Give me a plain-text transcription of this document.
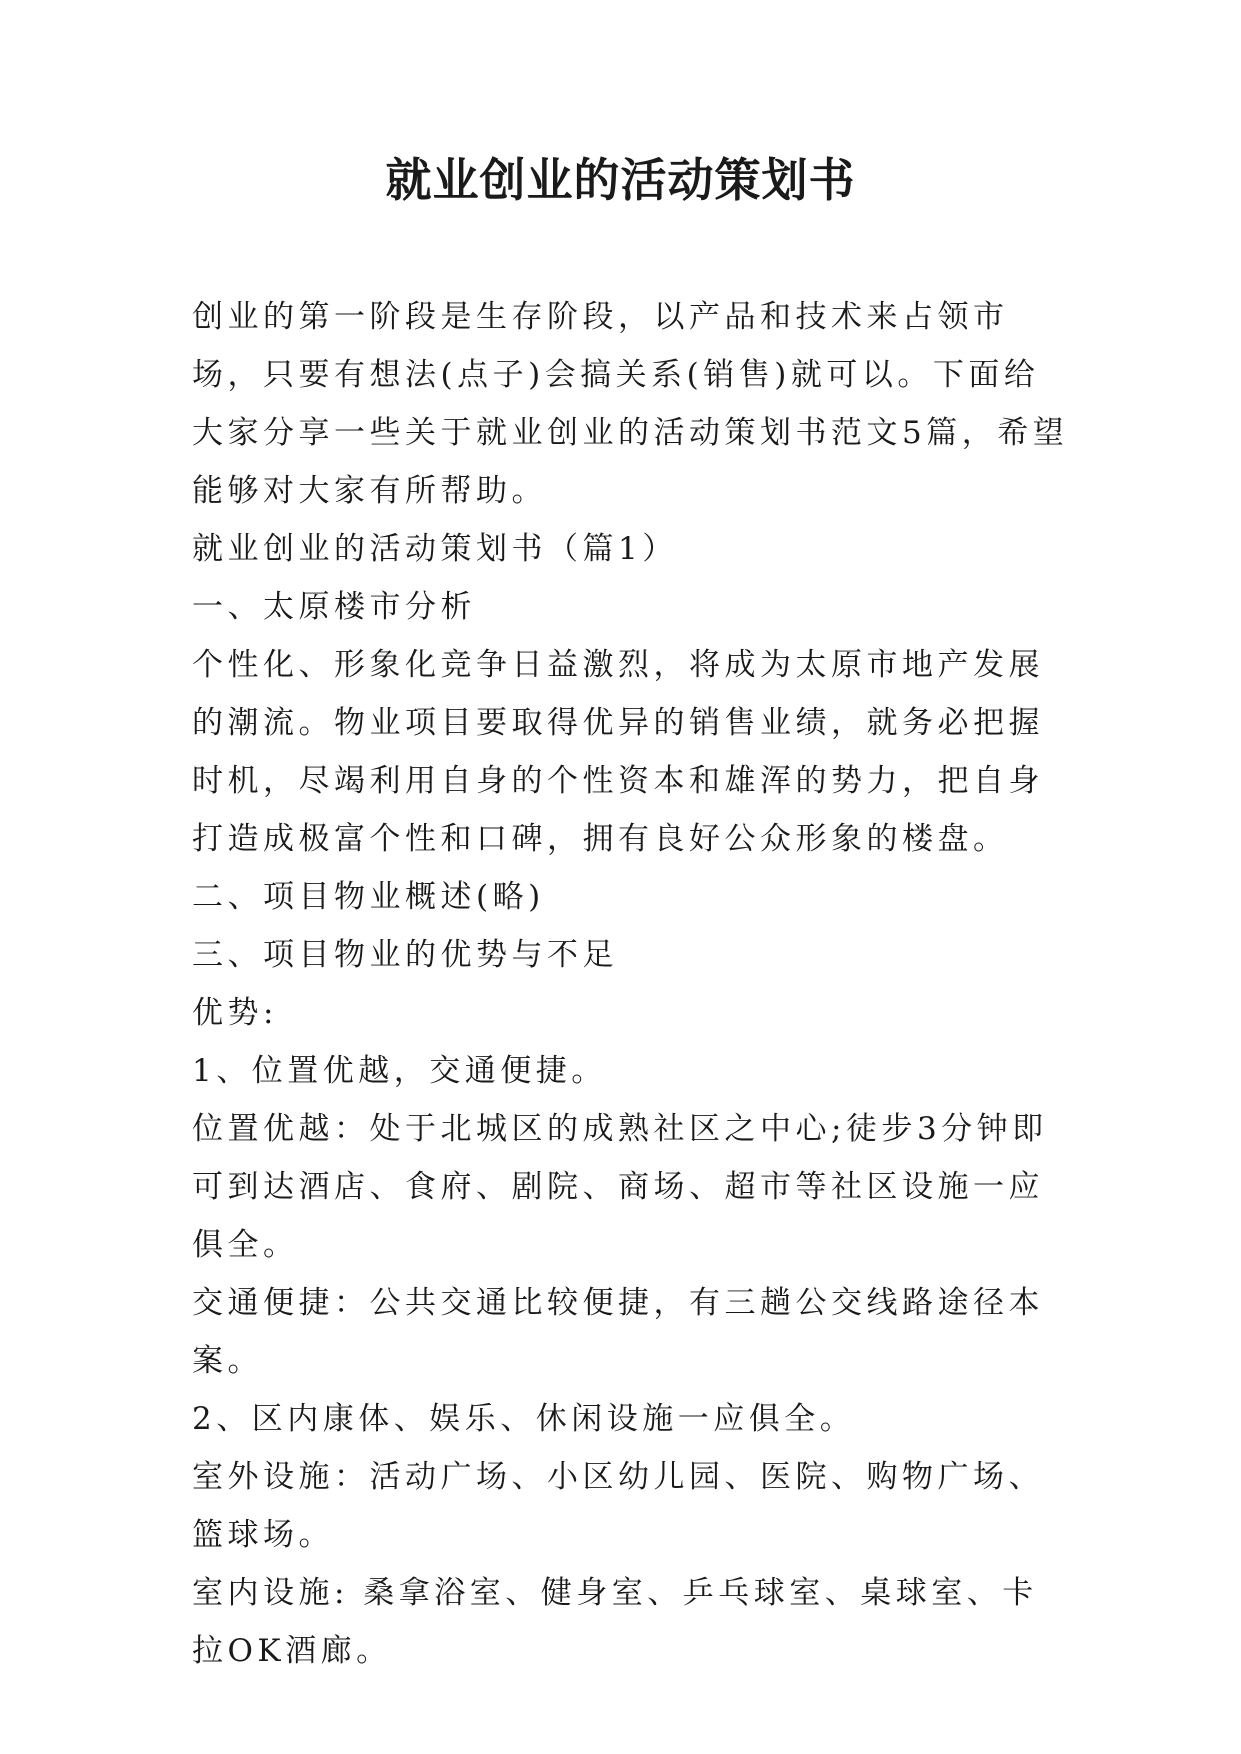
就业创业的活动策划书

创业的第一阶段是生存阶段，以产品和技术来占领市场，只要有想法(点子)会搞关系(销售)就可以。下面给大家分享一些关于就业创业的活动策划书范文5篇，希望能够对大家有所帮助。

就业创业的活动策划书（篇1）

一、太原楼市分析

个性化、形象化竞争日益激烈，将成为太原市地产发展的潮流。物业项目要取得优异的销售业绩，就务必把握时机，尽竭利用自身的个性资本和雄浑的势力，把自身打造成极富个性和口碑，拥有良好公众形象的楼盘。

二、项目物业概述(略)

三、项目物业的优势与不足

优势:

1、位置优越，交通便捷。

位置优越：处于北城区的成熟社区之中心;徒步3分钟即可到达酒店、食府、剧院、商场、超市等社区设施一应俱全。

交通便捷：公共交通比较便捷，有三趟公交线路途径本案。

2、区内康体、娱乐、休闲设施一应俱全。

室外设施：活动广场、小区幼儿园、医院、购物广场、篮球场。

室内设施: 桑拿浴室、健身室、乒乓球室、桌球室、卡拉OK酒廊。
